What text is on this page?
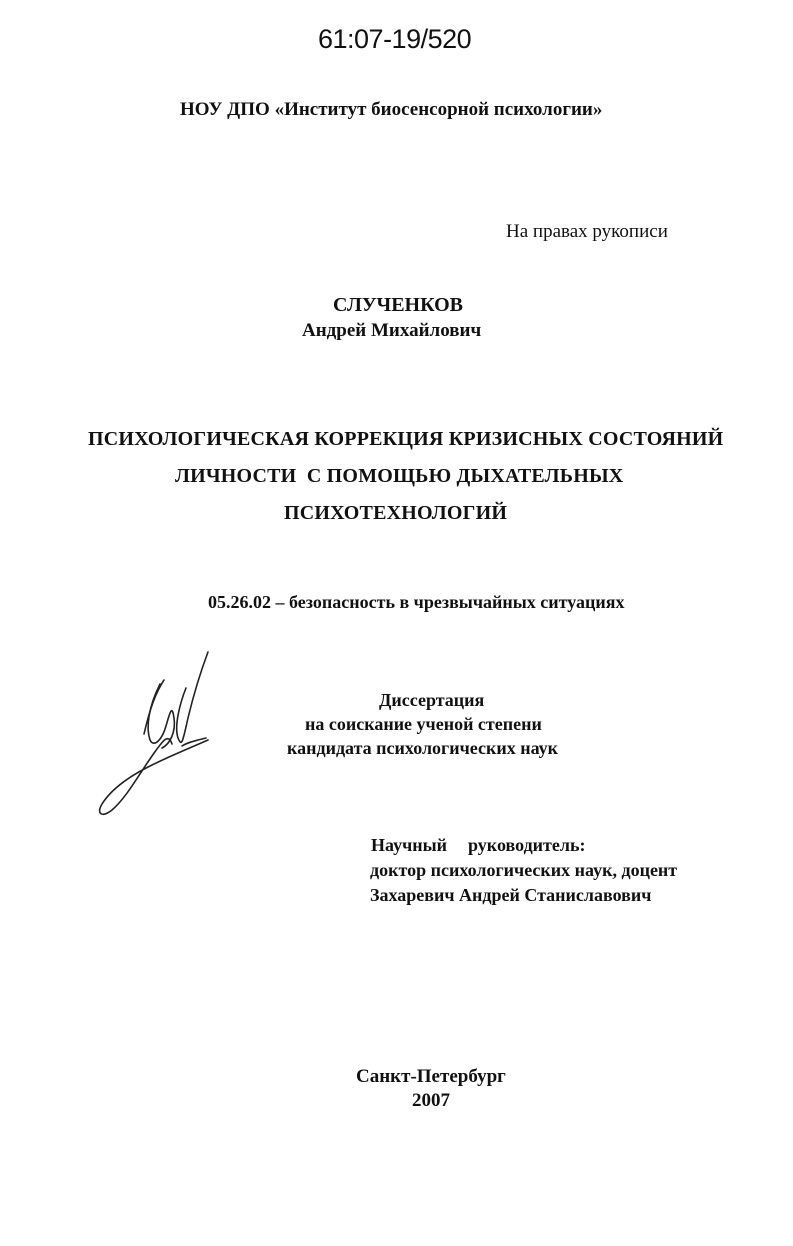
61:07-19/520
НОУ ДПО «Институт биосенсорной психологии»
На правах рукописи
СЛУЧЕНКОВ
Андрей Михайлович
ПСИХОЛОГИЧЕСКАЯ КОРРЕКЦИЯ КРИЗИСНЫХ СОСТОЯНИЙ
ЛИЧНОСТИ  С ПОМОЩЬЮ ДЫХАТЕЛЬНЫХ
ПСИХОТЕХНОЛОГИЙ
05.26.02 – безопасность в чрезвычайных ситуациях
Диссертация
на соискание ученой степени
кандидата психологических наук
Научный  руководитель:
доктор психологических наук, доцент
Захаревич Андрей Станиславович
Санкт-Петербург
2007
